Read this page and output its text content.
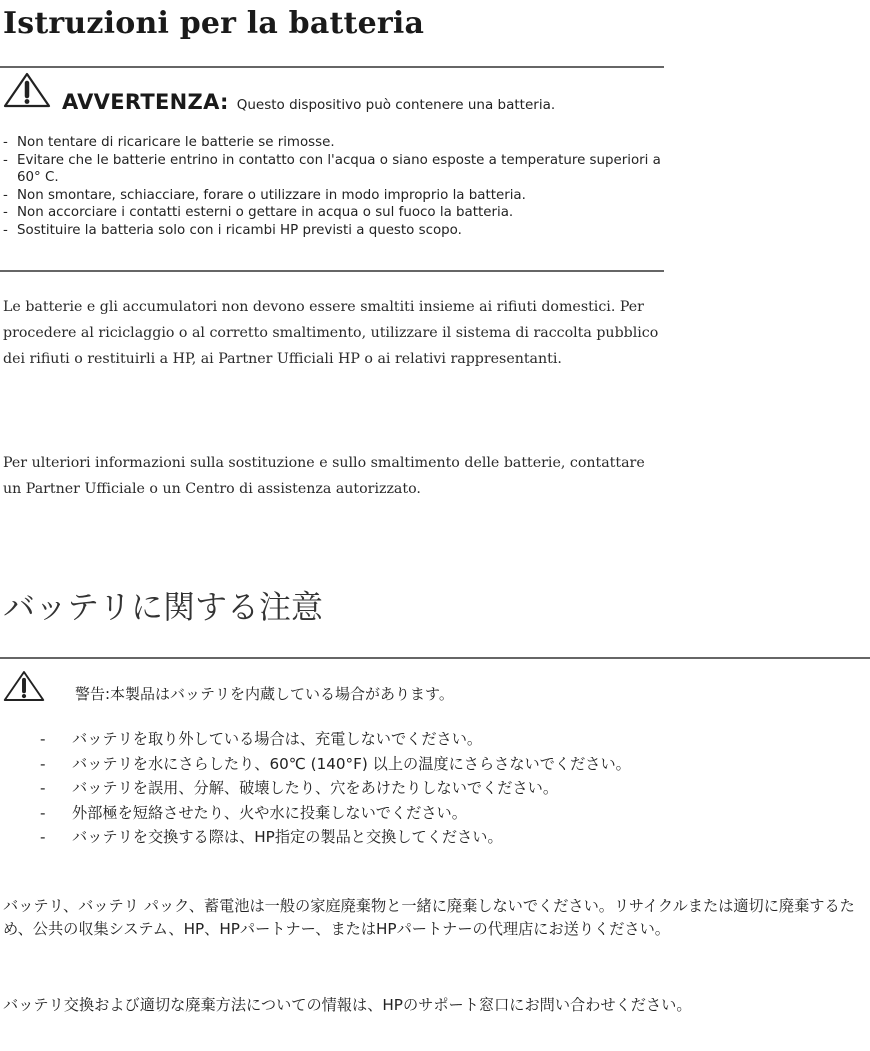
Istruzioni per la batteria
AVVERTENZA: Questo dispositivo può contenere una batteria.
- Non tentare di ricaricare le batterie se rimosse.
- Evitare che le batterie entrino in contatto con l'acqua o siano esposte a temperature superiori a 60° C.
- Non smontare, schiacciare, forare o utilizzare in modo improprio la batteria.
- Non accorciare i contatti esterni o gettare in acqua o sul fuoco la batteria.
- Sostituire la batteria solo con i ricambi HP previsti a questo scopo.

Le batterie e gli accumulatori non devono essere smaltiti insieme ai rifiuti domestici. Per procedere al riciclaggio o al corretto smaltimento, utilizzare il sistema di raccolta pubblico dei rifiuti o restituirli a HP, ai Partner Ufficiali HP o ai relativi rappresentanti.

Per ulteriori informazioni sulla sostituzione e sullo smaltimento delle batterie, contattare un Partner Ufficiale o un Centro di assistenza autorizzato.

バッテリに関する注意
警告:本製品はバッテリを内蔵している場合があります。
- バッテリを取り外している場合は、充電しないでください。
- バッテリを水にさらしたり、60℃ (140°F) 以上の温度にさらさないでください。
- バッテリを誤用、分解、破壊したり、穴をあけたりしないでください。
- 外部極を短絡させたり、火や水に投棄しないでください。
- バッテリを交換する際は、HP指定の製品と交換してください。

バッテリ、バッテリ パック、蓄電池は一般の家庭廃棄物と一緒に廃棄しないでください。リサイクルまたは適切に廃棄するため、公共の収集システム、HP、HPパートナー、またはHPパートナーの代理店にお送りください。

バッテリ交換および適切な廃棄方法についての情報は、HPのサポート窓口にお問い合わせください。
